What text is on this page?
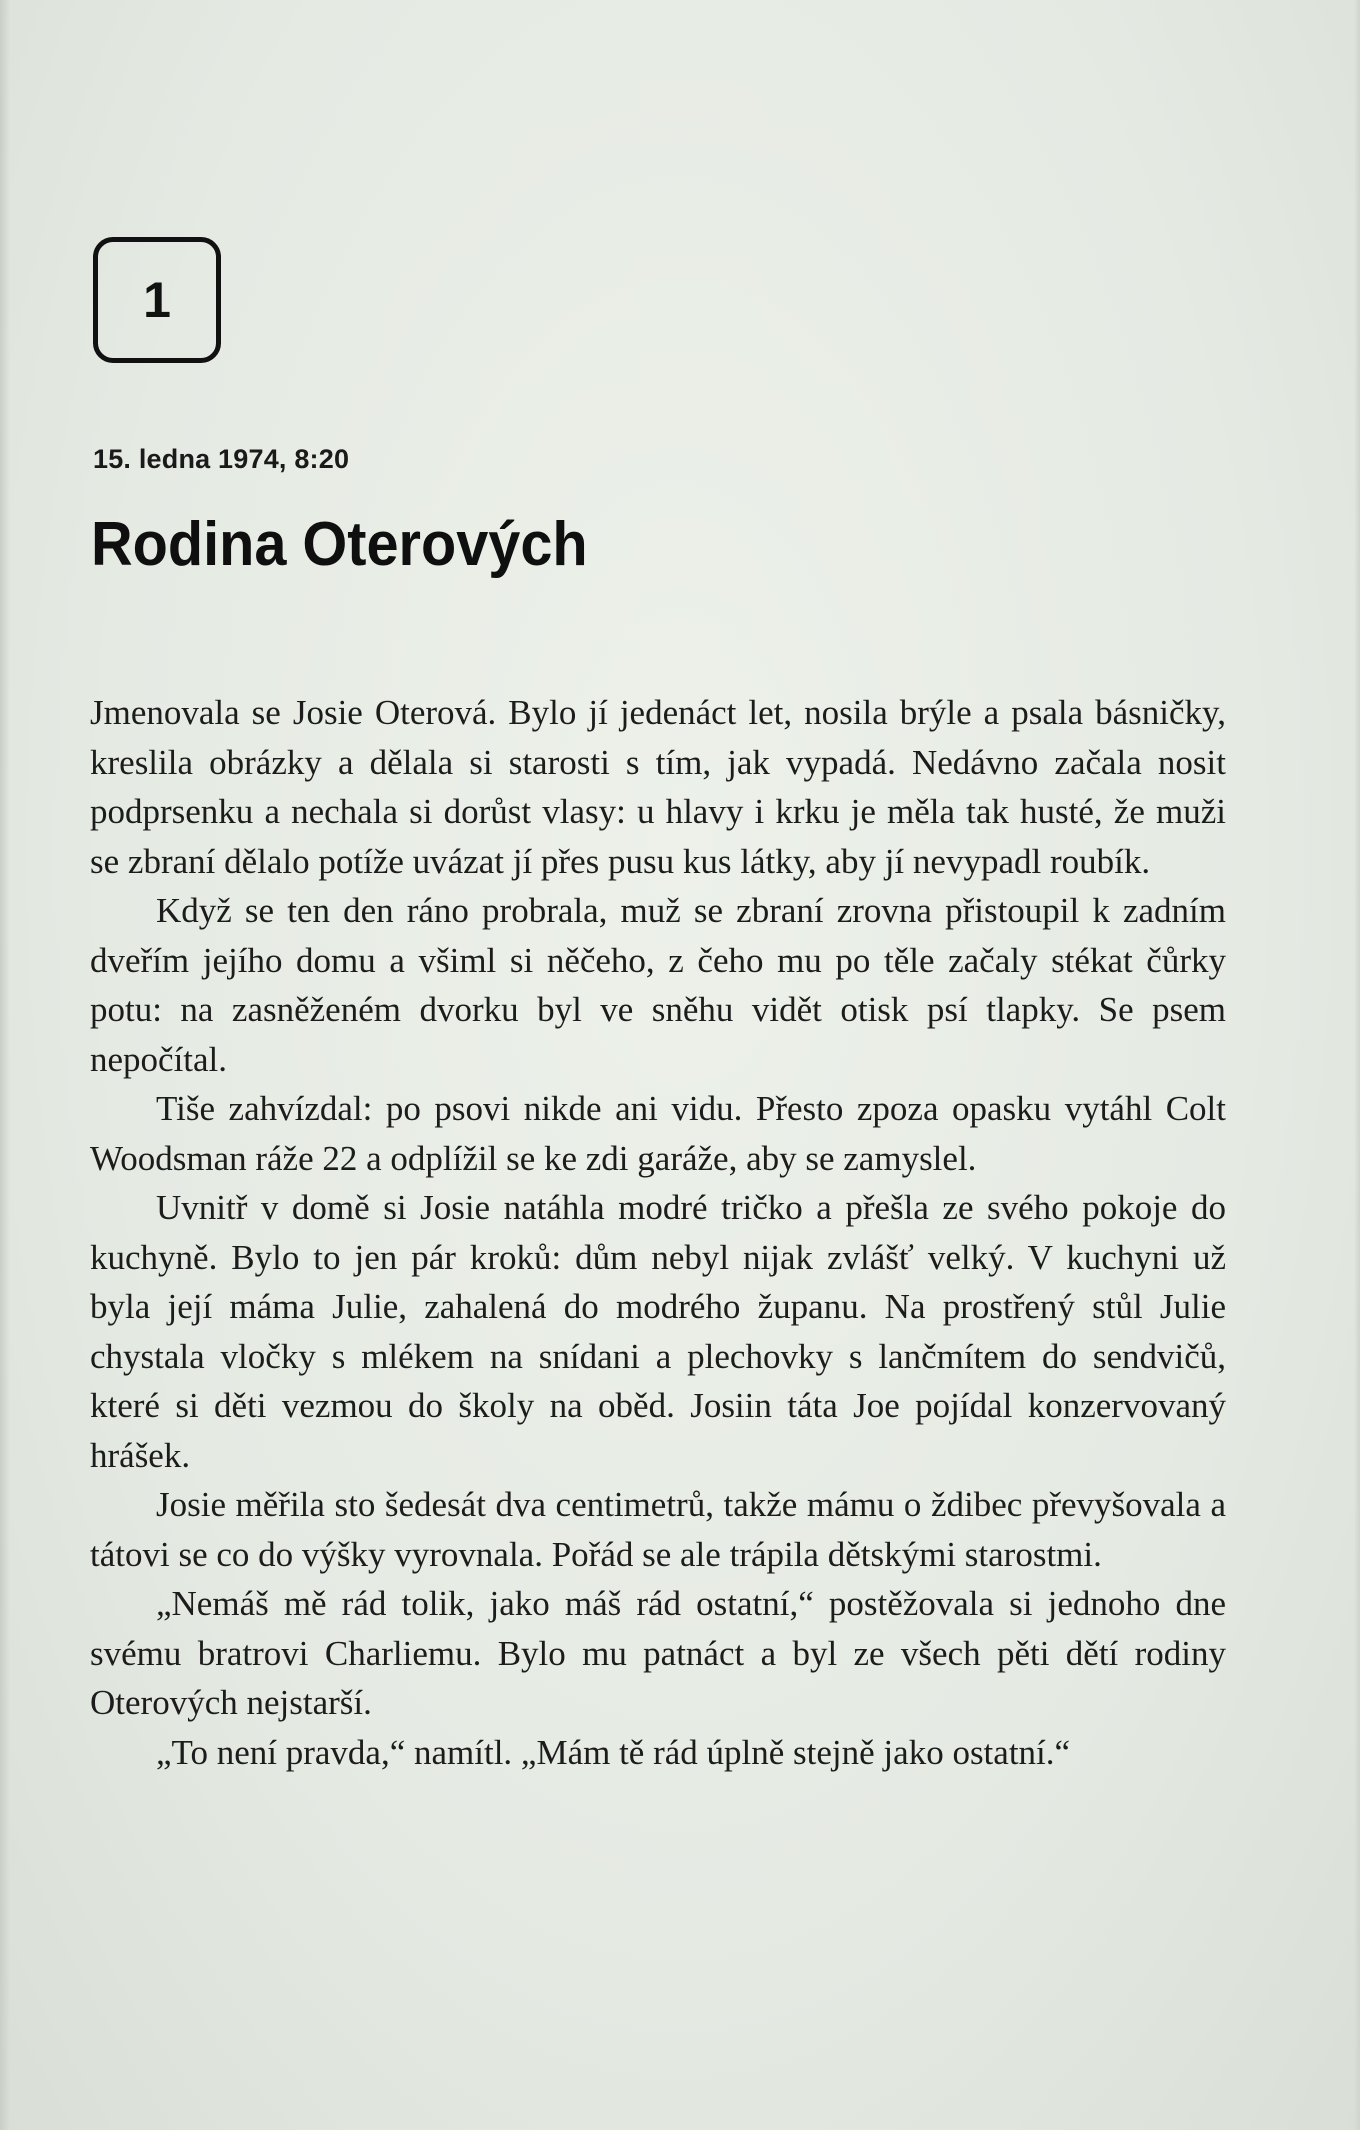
1
15. ledna 1974, 8:20
Rodina Oterových

Jmenovala se Josie Oterová. Bylo jí jedenáct let, nosila brýle a psala básničky, kreslila obrázky a dělala si starosti s tím, jak vypadá. Nedávno začala nosit podprsenku a nechala si dorůst vlasy: u hlavy i krku je měla tak husté, že muži se zbraní dělalo potíže uvázat jí přes pusu kus látky, aby jí nevypadl roubík.

Když se ten den ráno probrala, muž se zbraní zrovna přistoupil k zadním dveřím jejího domu a všiml si něčeho, z čeho mu po těle začaly stékat čůrky potu: na zasněženém dvorku byl ve sněhu vidět otisk psí tlapky. Se psem nepočítal.

Tiše zahvízdal: po psovi nikde ani vidu. Přesto zpoza opasku vytáhl Colt Woodsman ráže 22 a odplížil se ke zdi garáže, aby se zamyslel.

Uvnitř v domě si Josie natáhla modré tričko a přešla ze svého pokoje do kuchyně. Bylo to jen pár kroků: dům nebyl nijak zvlášť velký. V kuchyni už byla její máma Julie, zahalená do modrého županu. Na prostřený stůl Julie chystala vločky s mlékem na snídani a plechovky s lančmítem do sendvičů, které si děti vezmou do školy na oběd. Josiin táta Joe pojídal konzervovaný hrášek.

Josie měřila sto šedesát dva centimetrů, takže mámu o ždibec převyšovala a tátovi se co do výšky vyrovnala. Pořád se ale trápila dětskými starostmi.

„Nemáš mě rád tolik, jako máš rád ostatní,“ postěžovala si jednoho dne svému bratrovi Charliemu. Bylo mu patnáct a byl ze všech pěti dětí rodiny Oterových nejstarší.

„To není pravda,“ namítl. „Mám tě rád úplně stejně jako ostatní.“
